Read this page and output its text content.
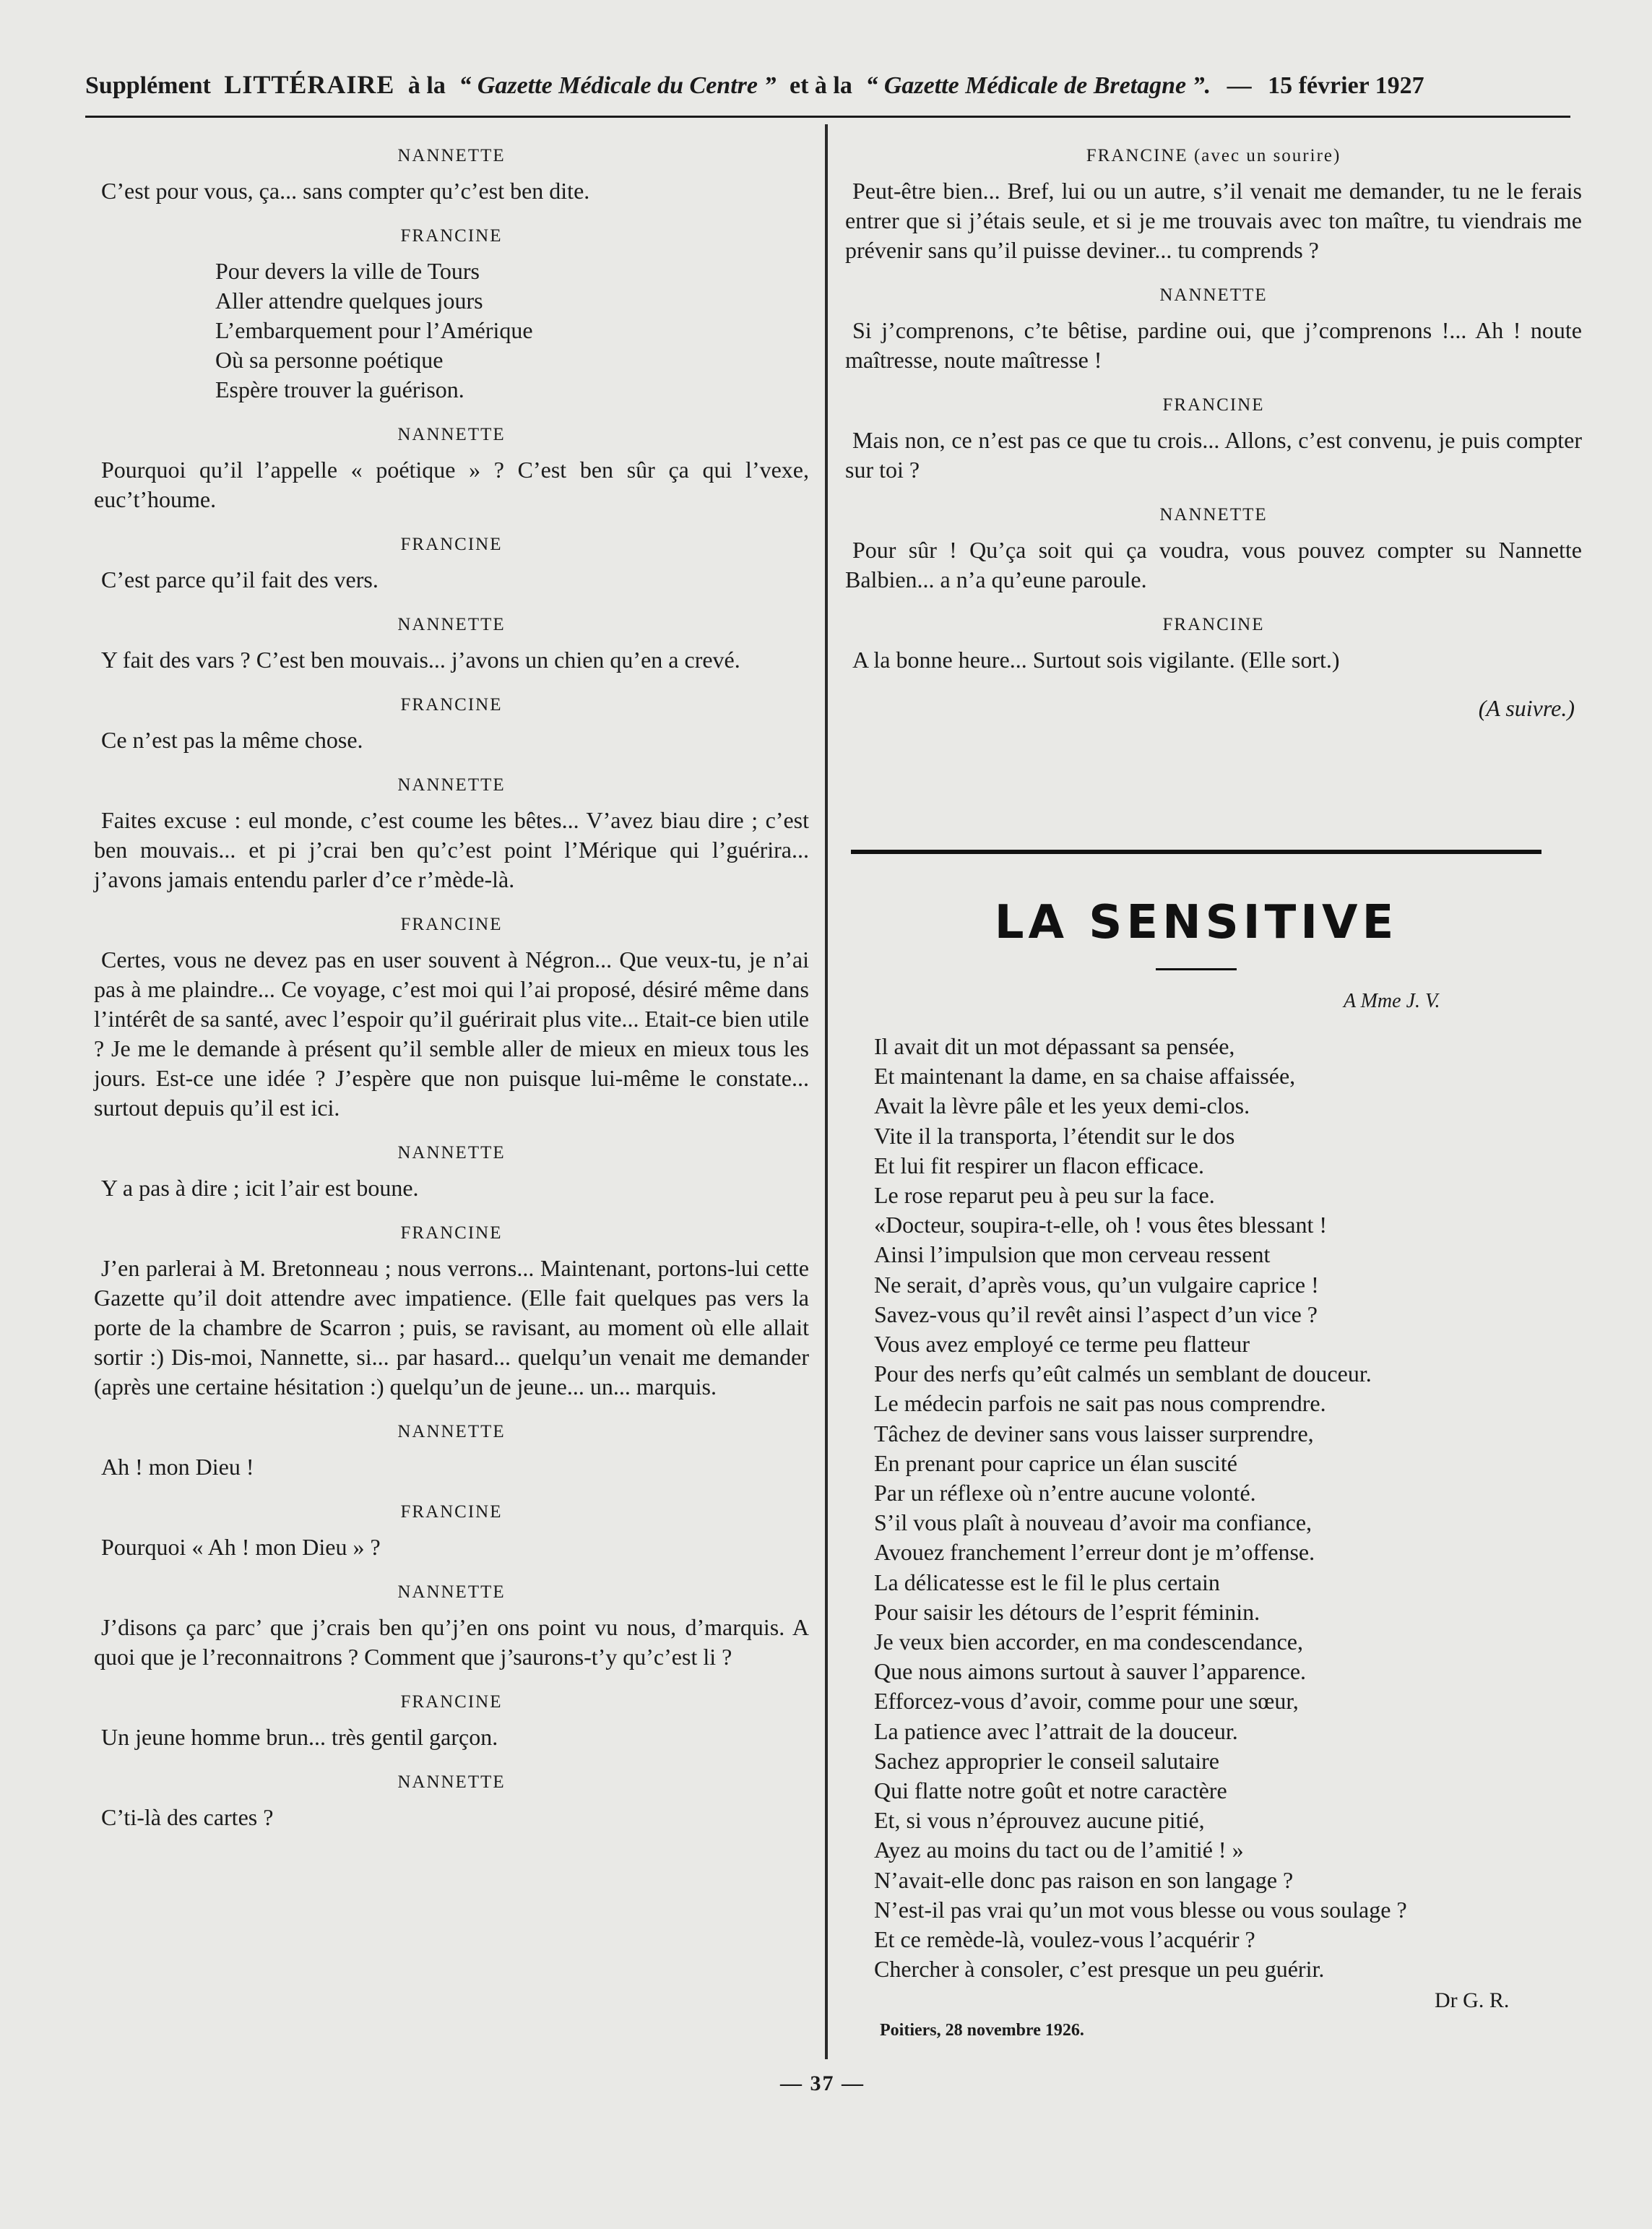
Supplément LITTÉRAIRE à la “ Gazette Médicale du Centre ” et à la “ Gazette Médicale de Bretagne ”. — 15 février 1927
NANNETTE
C’est pour vous, ça... sans compter qu’c’est ben dite.
FRANCINE
Pour devers la ville de Tours
Aller attendre quelques jours
L’embarquement pour l’Amérique
Où sa personne poétique
Espère trouver la guérison.
NANNETTE
Pourquoi qu’il l’appelle « poétique » ? C’est ben sûr ça qui l’vexe, euc’t’houme.
FRANCINE
C’est parce qu’il fait des vers.
NANNETTE
Y fait des vars ? C’est ben mouvais... j’avons un chien qu’en a crevé.
FRANCINE
Ce n’est pas la même chose.
NANNETTE
Faites excuse : eul monde, c’est coume les bêtes... V’avez biau dire ; c’est ben mouvais... et pi j’crai ben qu’c’est point l’Mérique qui l’guérira... j’avons jamais entendu parler d’ce r’mède-là.
FRANCINE
Certes, vous ne devez pas en user souvent à Négron... Que veux-tu, je n’ai pas à me plaindre... Ce voyage, c’est moi qui l’ai proposé, désiré même dans l’intérêt de sa santé, avec l’espoir qu’il guérirait plus vite... Etait-ce bien utile ? Je me le demande à présent qu’il semble aller de mieux en mieux tous les jours. Est-ce une idée ? J’espère que non puisque lui-même le constate... surtout depuis qu’il est ici.
NANNETTE
Y a pas à dire ; icit l’air est boune.
FRANCINE
J’en parlerai à M. Bretonneau ; nous verrons... Maintenant, portons-lui cette Gazette qu’il doit attendre avec impatience. (Elle fait quelques pas vers la porte de la chambre de Scarron ; puis, se ravisant, au moment où elle allait sortir :) Dis-moi, Nannette, si... par hasard... quelqu’un venait me demander (après une certaine hésitation :) quelqu’un de jeune... un... marquis.
NANNETTE
Ah ! mon Dieu !
FRANCINE
Pourquoi « Ah ! mon Dieu » ?
NANNETTE
J’disons ça parc’ que j’crais ben qu’j’en ons point vu nous, d’marquis. A quoi que je l’reconnaitrons ? Comment que j’saurons-t’y qu’c’est li ?
FRANCINE
Un jeune homme brun... très gentil garçon.
NANNETTE
C’ti-là des cartes ?
FRANCINE (avec un sourire)
Peut-être bien... Bref, lui ou un autre, s’il venait me demander, tu ne le ferais entrer que si j’étais seule, et si je me trouvais avec ton maître, tu viendrais me prévenir sans qu’il puisse deviner... tu comprends ?
NANNETTE
Si j’comprenons, c’te bêtise, pardine oui, que j’comprenons !... Ah ! noute maîtresse, noute maîtresse !
FRANCINE
Mais non, ce n’est pas ce que tu crois... Allons, c’est convenu, je puis compter sur toi ?
NANNETTE
Pour sûr ! Qu’ça soit qui ça voudra, vous pouvez compter su Nannette Balbien... a n’a qu’eune paroule.
FRANCINE
A la bonne heure... Surtout sois vigilante. (Elle sort.)
(A suivre.)
LA SENSITIVE
A Mme J. V.
Il avait dit un mot dépassant sa pensée,
Et maintenant la dame, en sa chaise affaissée,
Avait la lèvre pâle et les yeux demi-clos.
Vite il la transporta, l’étendit sur le dos
Et lui fit respirer un flacon efficace.
Le rose reparut peu à peu sur la face.
«Docteur, soupira-t-elle, oh ! vous êtes blessant !
Ainsi l’impulsion que mon cerveau ressent
Ne serait, d’après vous, qu’un vulgaire caprice !
Savez-vous qu’il revêt ainsi l’aspect d’un vice ?
Vous avez employé ce terme peu flatteur
Pour des nerfs qu’eût calmés un semblant de douceur.
Le médecin parfois ne sait pas nous comprendre.
Tâchez de deviner sans vous laisser surprendre,
En prenant pour caprice un élan suscité
Par un réflexe où n’entre aucune volonté.
S’il vous plaît à nouveau d’avoir ma confiance,
Avouez franchement l’erreur dont je m’offense.
La délicatesse est le fil le plus certain
Pour saisir les détours de l’esprit féminin.
Je veux bien accorder, en ma condescendance,
Que nous aimons surtout à sauver l’apparence.
Efforcez-vous d’avoir, comme pour une sœur,
La patience avec l’attrait de la douceur.
Sachez approprier le conseil salutaire
Qui flatte notre goût et notre caractère
Et, si vous n’éprouvez aucune pitié,
Ayez au moins du tact ou de l’amitié ! »
N’avait-elle donc pas raison en son langage ?
N’est-il pas vrai qu’un mot vous blesse ou vous soulage ?
Et ce remède-là, voulez-vous l’acquérir ?
Chercher à consoler, c’est presque un peu guérir.
Dr G. R.
Poitiers, 28 novembre 1926.
— 37 —
